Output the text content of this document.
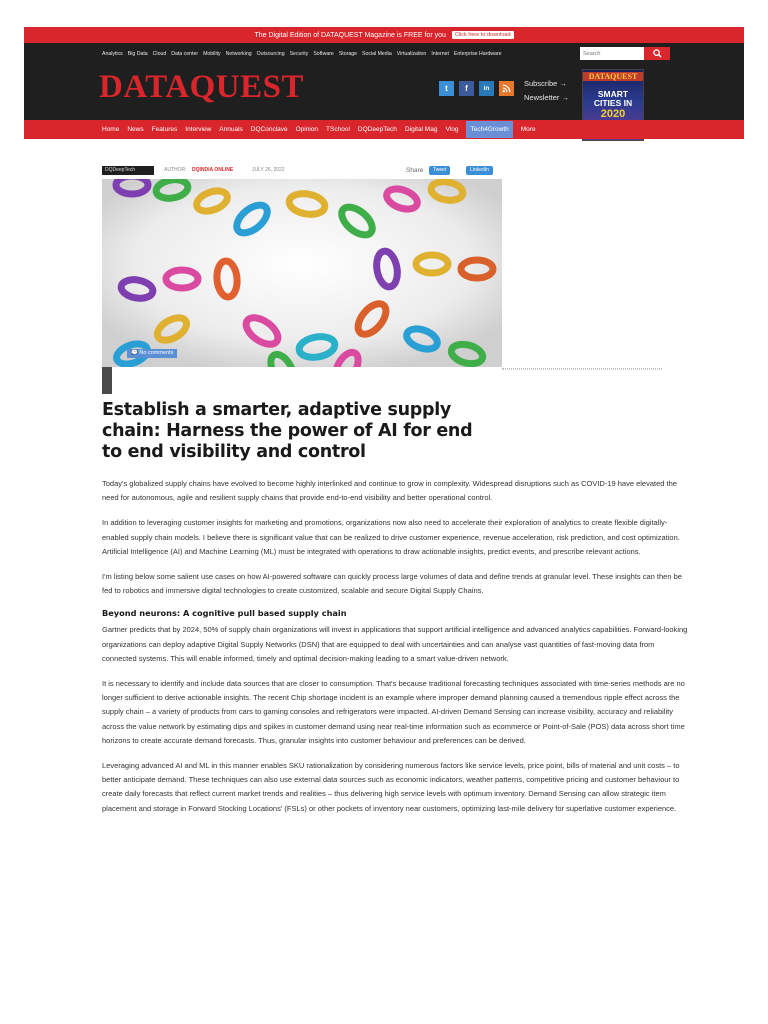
The Digital Edition of DATAQUEST Magazine is FREE for you	Click here to download
Analytics Big Data Cloud Data center Mobility Networking Outsourcing Security Software Storage Social Media Virtualization Internet Enterprise Hardware
Search
DATAQUEST	t	f	in
Subscribe →
Newsletter →
DATAQUEST
SMART
CITIES IN
2020
Home News Features Interview Annuals DQConclave Opinion TSchool DQDeepTech Digital Mag Vlog	Tech4Growth	More
DQDeepTech	AUTHOR: DQINDIA ONLINE	JULY 26, 2022	Share	Tweet	LinkedIn
💬 No comments
Establish a smarter, adaptive supply chain: Harness the power of AI for end to end visibility and control

Today's globalized supply chains have evolved to become highly interlinked and continue to grow in complexity. Widespread disruptions such as COVID-19 have elevated the need for autonomous, agile and resilient supply chains that provide end-to-end visibility and better operational control.

In addition to leveraging customer insights for marketing and promotions, organizations now also need to accelerate their exploration of analytics to create flexible digitally-enabled supply chain models. I believe there is significant value that can be realized to drive customer experience, revenue acceleration, risk prediction, and cost optimization. Artificial Intelligence (AI) and Machine Learning (ML) must be integrated with operations to draw actionable insights, predict events, and prescribe relevant actions.

I'm listing below some salient use cases on how AI-powered software can quickly process large volumes of data and define trends at granular level. These insights can then be fed to robotics and immersive digital technologies to create customized, scalable and secure Digital Supply Chains.

Beyond neurons: A cognitive pull based supply chain

Gartner predicts that by 2024, 50% of supply chain organizations will invest in applications that support artificial intelligence and advanced analytics capabilities. Forward-looking organizations can deploy adaptive Digital Supply Networks (DSN) that are equipped to deal with uncertainties and can analyse vast quantities of fast-moving data from connected systems. This will enable informed, timely and optimal decision-making leading to a smart value-driven network.

It is necessary to identify and include data sources that are closer to consumption. That's because traditional forecasting techniques associated with time-series methods are no longer sufficient to derive actionable insights. The recent Chip shortage incident is an example where improper demand planning caused a tremendous ripple effect across the supply chain – a variety of products from cars to gaming consoles and refrigerators were impacted. AI-driven Demand Sensing can increase visibility, accuracy and reliability across the value network by estimating dips and spikes in customer demand using near real-time information such as ecommerce or Point-of-Sale (POS) data across short time horizons to create accurate demand forecasts. Thus, granular insights into customer behaviour and preferences can be derived.

Leveraging advanced AI and ML in this manner enables SKU rationalization by considering numerous factors like service levels, price point, bills of material and unit costs – to better anticipate demand. These techniques can also use external data sources such as economic indicators, weather patterns, competitive pricing and customer behaviour to create daily forecasts that reflect current market trends and realities – thus delivering high service levels with optimum inventory. Demand Sensing can allow strategic item placement and storage in Forward Stocking Locations' (FSLs) or other pockets of inventory near customers, optimizing last-mile delivery for superlative customer experience.
